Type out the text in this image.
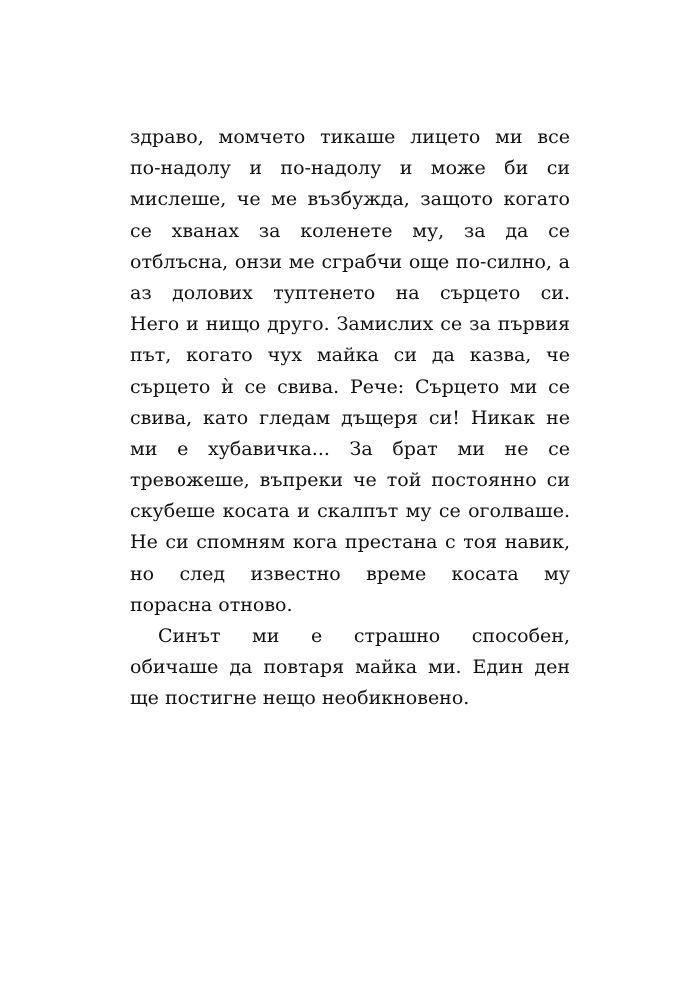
здраво, момчето тикаше лицето ми все
по-надолу и по-надолу и може би си
мислеше, че ме възбужда, защото когато
се хванах за коленете му, за да се
отблъсна, онзи ме сграбчи още по-силно, а
аз долових туптенето на сърцето си.
Него и нищо друго. Замислих се за първия
път, когато чух майка си да казва, че
сърцето ѝ се свива. Рече: Сърцето ми се
свива, като гледам дъщеря си! Никак не
ми е хубавичка... За брат ми не се
тревожеше, въпреки че той постоянно си
скубеше косата и скалпът му се оголваше.
Не си спомням кога престана с тоя навик,
но след известно време косата му
порасна отново.
Синът ми е страшно способен,
обичаше да повтаря майка ми. Един ден
ще постигне нещо необикновено.
